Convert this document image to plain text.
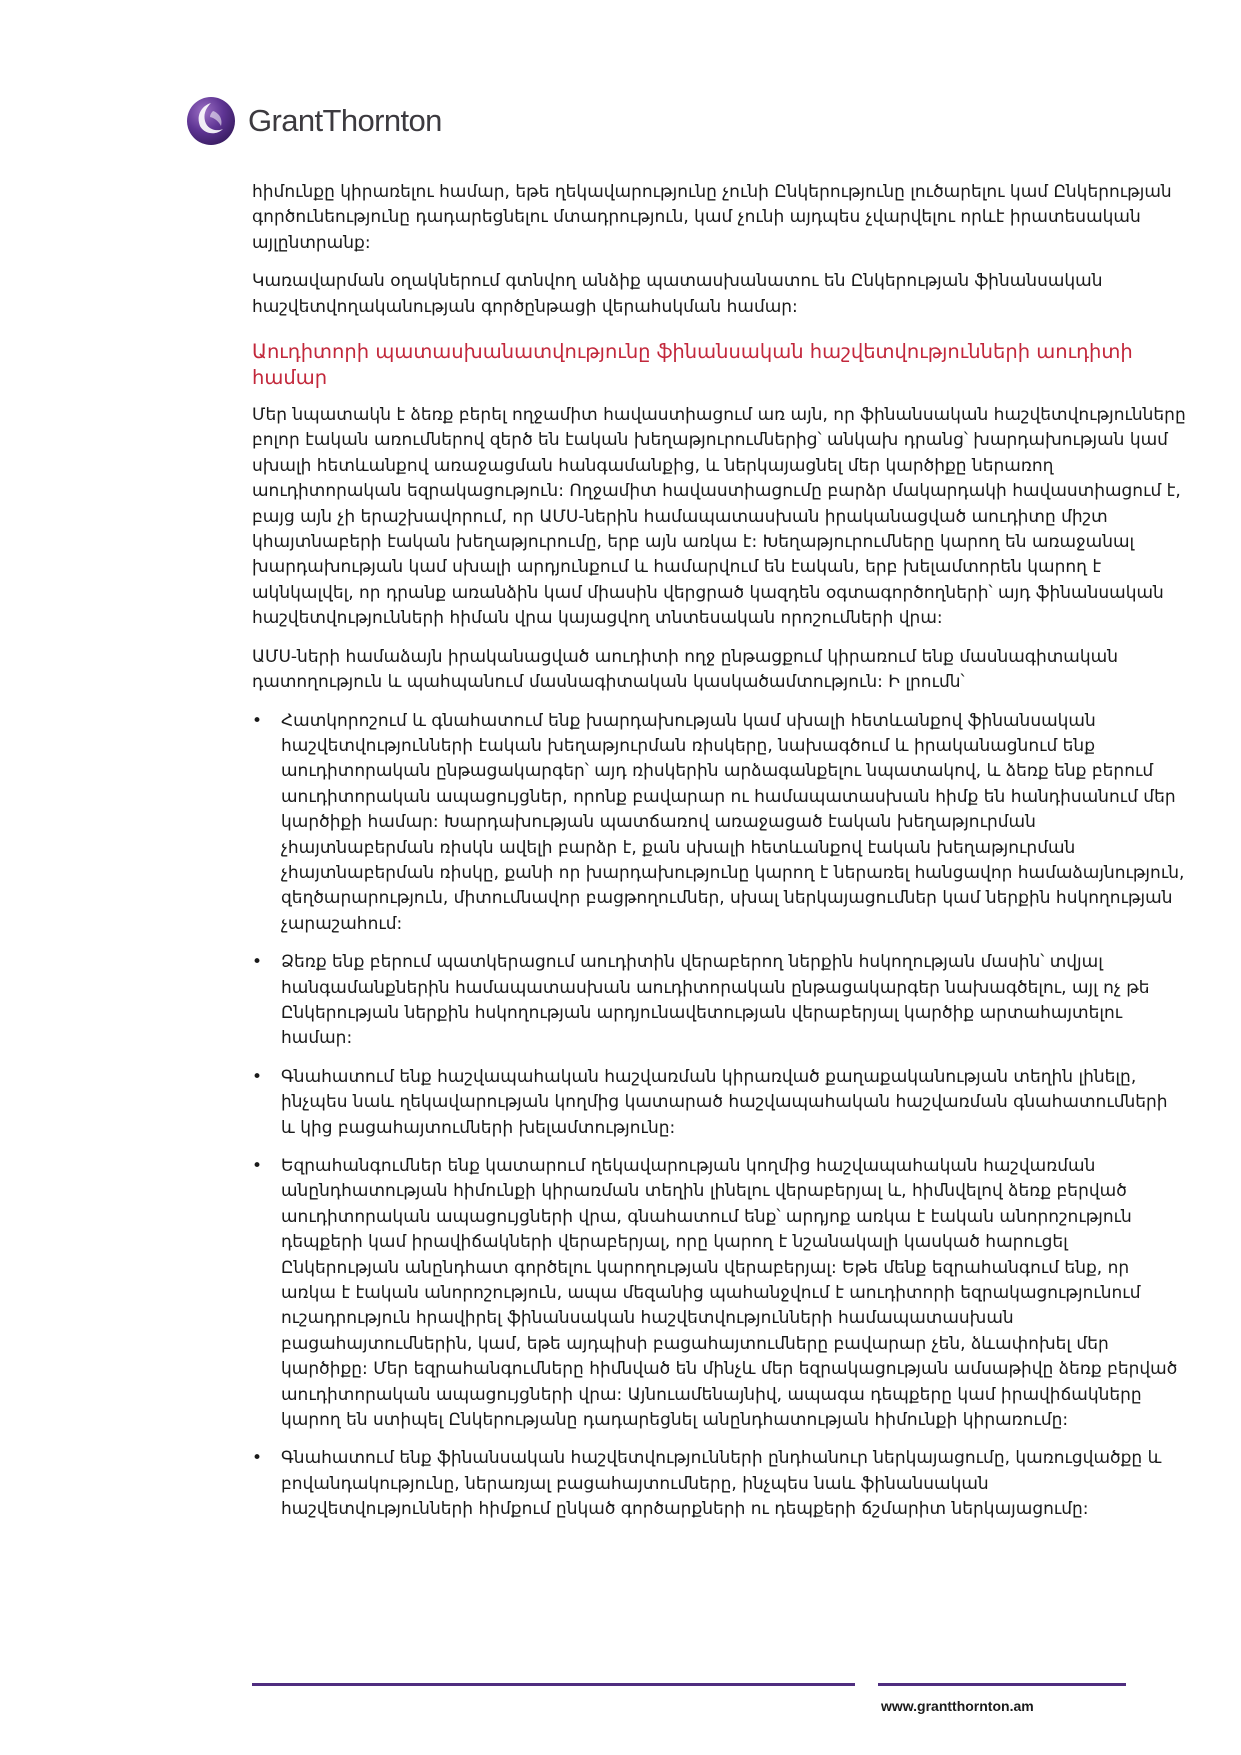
GrantThornton

հիմունքը կիրառելու համար, եթե ղեկավարությունը չունի Ընկերությունը լուծարելու կամ Ընկերության գործունեությունը դադարեցնելու մտադրություն, կամ չունի այդպես չվարվելու որևէ իրատեսական այլընտրանք:

Կառավարման օղակներում գտնվող անձիք պատասխանատու են Ընկերության ֆինանսական հաշվետվողականության գործընթացի վերահսկման համար:

Աուդիտորի պատասխանատվությունը ֆինանսական հաշվետվությունների աուդիտի համար

Մեր նպատակն է ձեռք բերել ողջամիտ հավաստիացում առ այն, որ ֆինանսական հաշվետվությունները բոլոր էական առումներով զերծ են էական խեղաթյուրումներից՝ անկախ դրանց՝ խարդախության կամ սխալի հետևանքով առաջացման հանգամանքից, և ներկայացնել մեր կարծիքը ներառող աուդիտորական եզրակացություն: Ողջամիտ հավաստիացումը բարձր մակարդակի հավաստիացում է, բայց այն չի երաշխավորում, որ ԱՄՍ-ներին համապատասխան իրականացված աուդիտը միշտ կհայտնաբերի էական խեղաթյուրումը, երբ այն առկա է: Խեղաթյուրումները կարող են առաջանալ խարդախության կամ սխալի արդյունքում և համարվում են էական, երբ խելամտորեն կարող է ակնկալվել, որ դրանք առանձին կամ միասին վերցրած կազդեն օգտագործողների՝ այդ ֆինանսական հաշվետվությունների հիման վրա կայացվող տնտեսական որոշումների վրա:

ԱՄՍ-ների համաձայն իրականացված աուդիտի ողջ ընթացքում կիրառում ենք մասնագիտական դատողություն և պահպանում մասնագիտական կասկածամտություն: Ի լրումն՝

• Հատկորոշում և գնահատում ենք խարդախության կամ սխալի հետևանքով ֆինանսական հաշվետվությունների էական խեղաթյուրման ռիսկերը, նախագծում և իրականացնում ենք աուդիտորական ընթացակարգեր՝ այդ ռիսկերին արձագանքելու նպատակով, և ձեռք ենք բերում աուդիտորական ապացույցներ, որոնք բավարար ու համապատասխան հիմք են հանդիսանում մեր կարծիքի համար: Խարդախության պատճառով առաջացած էական խեղաթյուրման չհայտնաբերման ռիսկն ավելի բարձր է, քան սխալի հետևանքով էական խեղաթյուրման չհայտնաբերման ռիսկը, քանի որ խարդախությունը կարող է ներառել հանցավոր համաձայնություն, զեղծարարություն, միտումնավոր բացթողումներ, սխալ ներկայացումներ կամ ներքին հսկողության չարաշահում:
• Ձեռք ենք բերում պատկերացում աուդիտին վերաբերող ներքին հսկողության մասին՝ տվյալ հանգամանքներին համապատասխան աուդիտորական ընթացակարգեր նախագծելու, այլ ոչ թե Ընկերության ներքին հսկողության արդյունավետության վերաբերյալ կարծիք արտահայտելու համար:
• Գնահատում ենք հաշվապահական հաշվառման կիրառված քաղաքականության տեղին լինելը, ինչպես նաև ղեկավարության կողմից կատարած հաշվապահական հաշվառման գնահատումների և կից բացահայտումների խելամտությունը:
• Եզրահանգումներ ենք կատարում ղեկավարության կողմից հաշվապահական հաշվառման անընդհատության հիմունքի կիրառման տեղին լինելու վերաբերյալ և, հիմնվելով ձեռք բերված աուդիտորական ապացույցների վրա, գնահատում ենք՝ արդյոք առկա է էական անորոշություն դեպքերի կամ իրավիճակների վերաբերյալ, որը կարող է նշանակալի կասկած հարուցել Ընկերության անընդհատ գործելու կարողության վերաբերյալ: Եթե մենք եզրահանգում ենք, որ առկա է էական անորոշություն, ապա մեզանից պահանջվում է աուդիտորի եզրակացությունում ուշադրություն հրավիրել ֆինանսական հաշվետվությունների համապատասխան բացահայտումներին, կամ, եթե այդպիսի բացահայտումները բավարար չեն, ձևափոխել մեր կարծիքը: Մեր եզրահանգումները հիմնված են մինչև մեր եզրակացության ամսաթիվը ձեռք բերված աուդիտորական ապացույցների վրա: Այնուամենայնիվ, ապագա դեպքերը կամ իրավիճակները կարող են ստիպել Ընկերությանը դադարեցնել անընդհատության հիմունքի կիրառումը:
• Գնահատում ենք ֆինանսական հաշվետվությունների ընդհանուր ներկայացումը, կառուցվածքը և բովանդակությունը, ներառյալ բացահայտումները, ինչպես նաև ֆինանսական հաշվետվությունների հիմքում ընկած գործարքների ու դեպքերի ճշմարիտ ներկայացումը:
www.grantthornton.am
